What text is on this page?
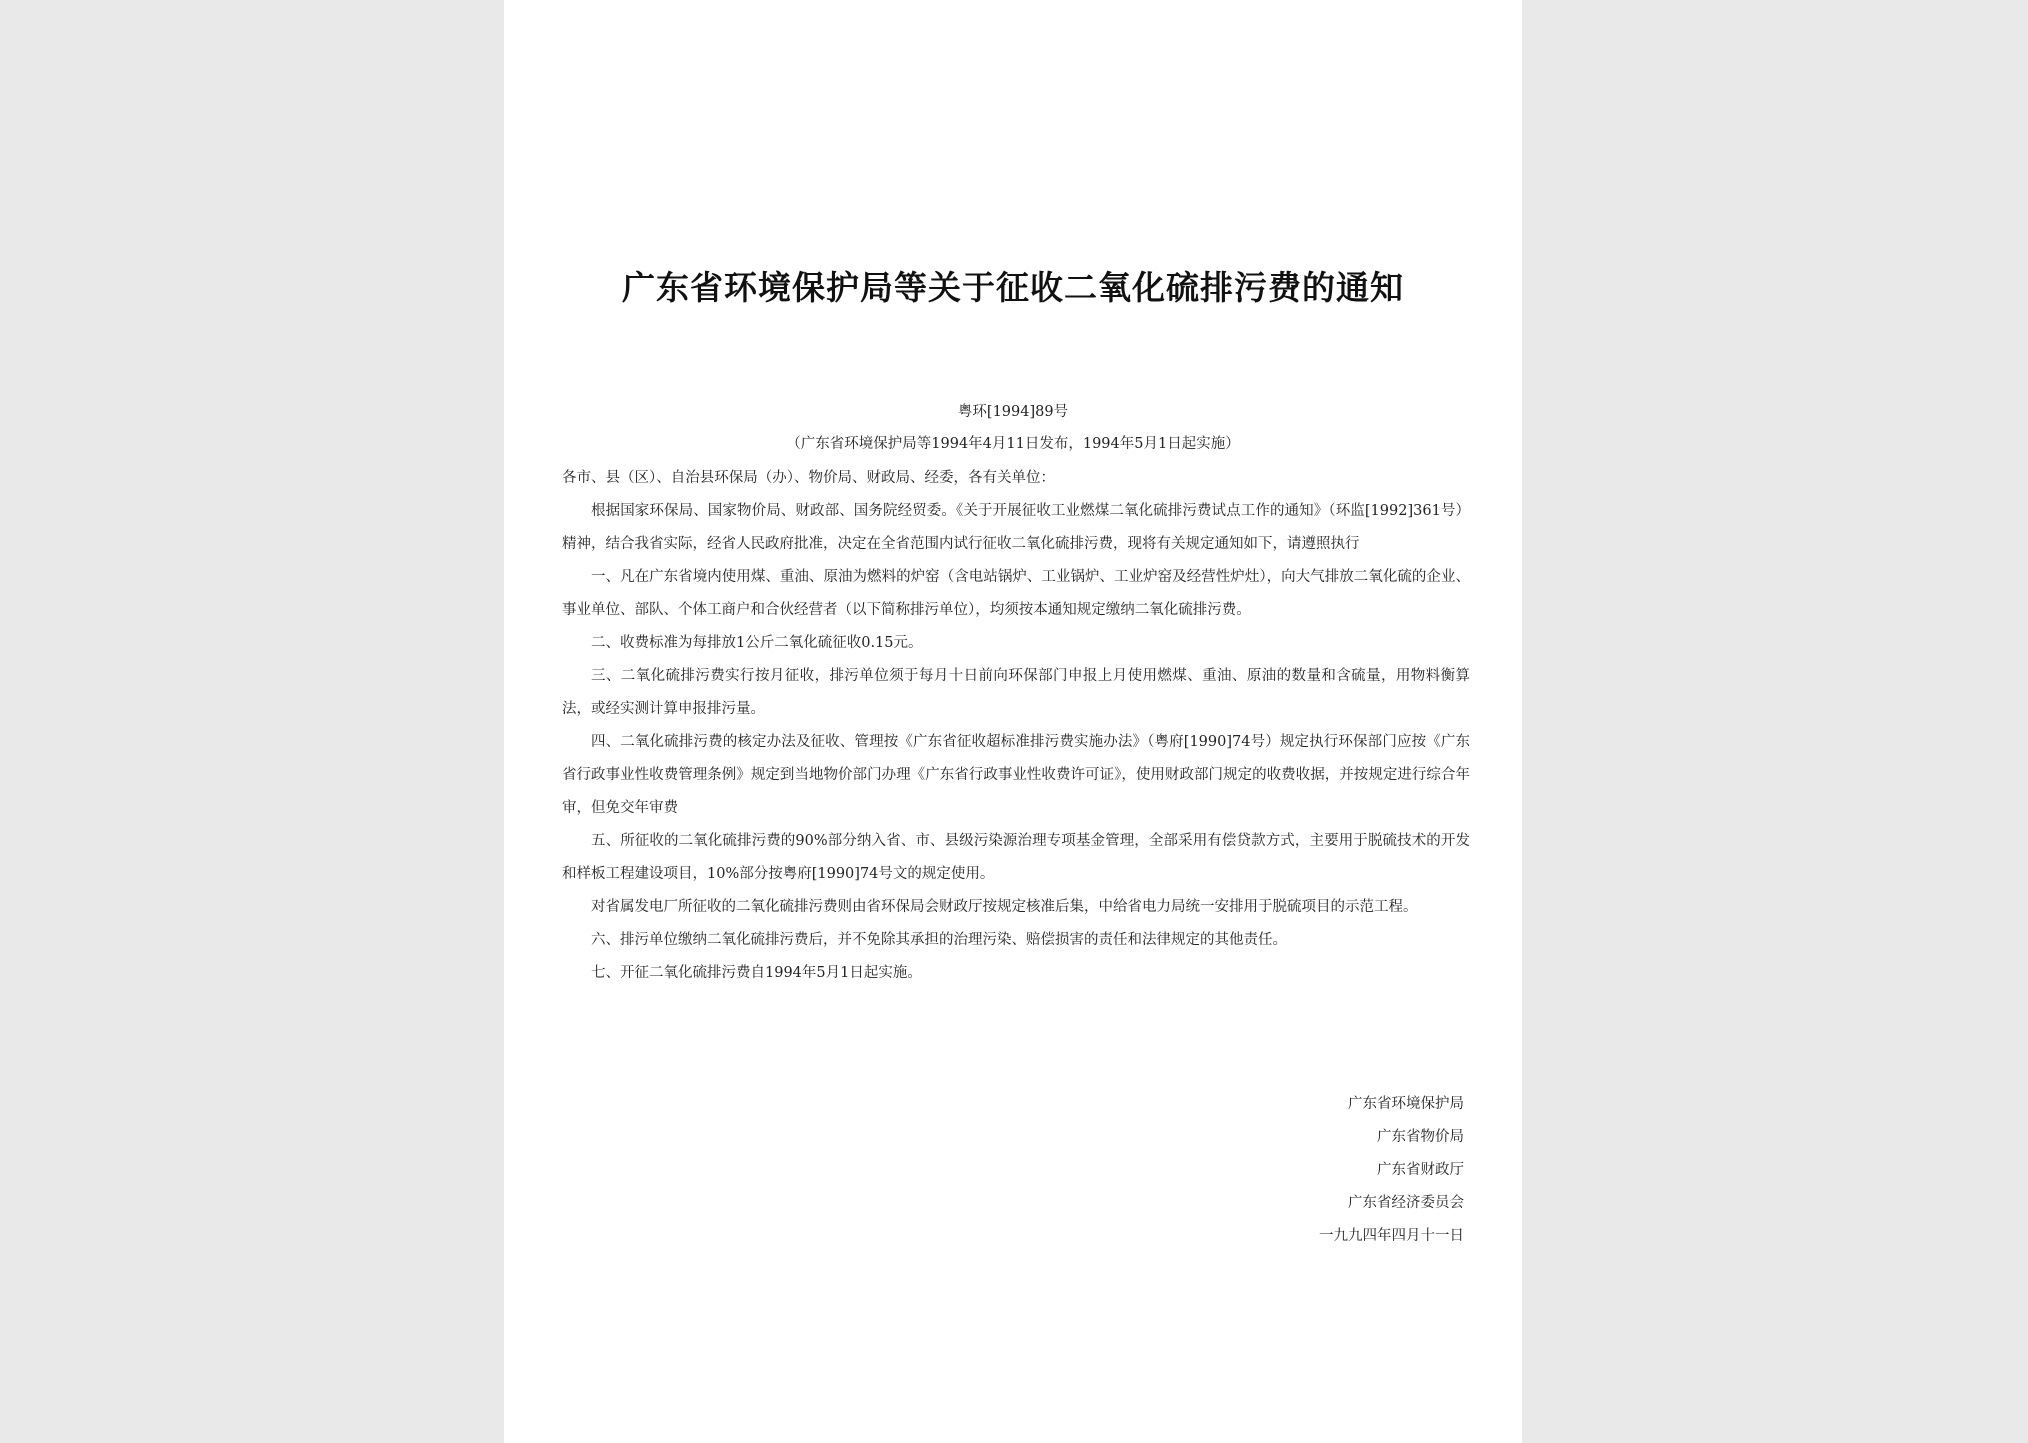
广东省环境保护局等关于征收二氧化硫排污费的通知
粤环[1994]89号
（广东省环境保护局等1994年4月11日发布，1994年5月1日起实施）

各市、县（区）、自治县环保局（办）、物价局、财政局、经委，各有关单位：

根据国家环保局、国家物价局、财政部、国务院经贸委。《关于开展征收工业燃煤二氧化硫排污费试点工作的通知》（环监[1992]361号）精神，结合我省实际，经省人民政府批准，决定在全省范围内试行征收二氧化硫排污费，现将有关规定通知如下，请遵照执行

一、凡在广东省境内使用煤、重油、原油为燃料的炉窑（含电站锅炉、工业锅炉、工业炉窑及经营性炉灶），向大气排放二氧化硫的企业、事业单位、部队、个体工商户和合伙经营者（以下简称排污单位），均须按本通知规定缴纳二氧化硫排污费。

二、收费标准为每排放1公斤二氧化硫征收0.15元。

三、二氧化硫排污费实行按月征收，排污单位须于每月十日前向环保部门申报上月使用燃煤、重油、原油的数量和含硫量，用物料衡算法，或经实测计算申报排污量。

四、二氧化硫排污费的核定办法及征收、管理按《广东省征收超标准排污费实施办法》（粤府[1990]74号）规定执行环保部门应按《广东省行政事业性收费管理条例》规定到当地物价部门办理《广东省行政事业性收费许可证》，使用财政部门规定的收费收据，并按规定进行综合年审，但免交年审费

五、所征收的二氧化硫排污费的90%部分纳入省、市、县级污染源治理专项基金管理，全部采用有偿贷款方式，主要用于脱硫技术的开发和样板工程建设项目，10%部分按粤府[1990]74号文的规定使用。

对省属发电厂所征收的二氧化硫排污费则由省环保局会财政厅按规定核准后集，中给省电力局统一安排用于脱硫项目的示范工程。

六、排污单位缴纳二氧化硫排污费后，并不免除其承担的治理污染、赔偿损害的责任和法律规定的其他责任。

七、开征二氧化硫排污费自1994年5月1日起实施。

广东省环境保护局
广东省物价局
广东省财政厅
广东省经济委员会
一九九四年四月十一日
